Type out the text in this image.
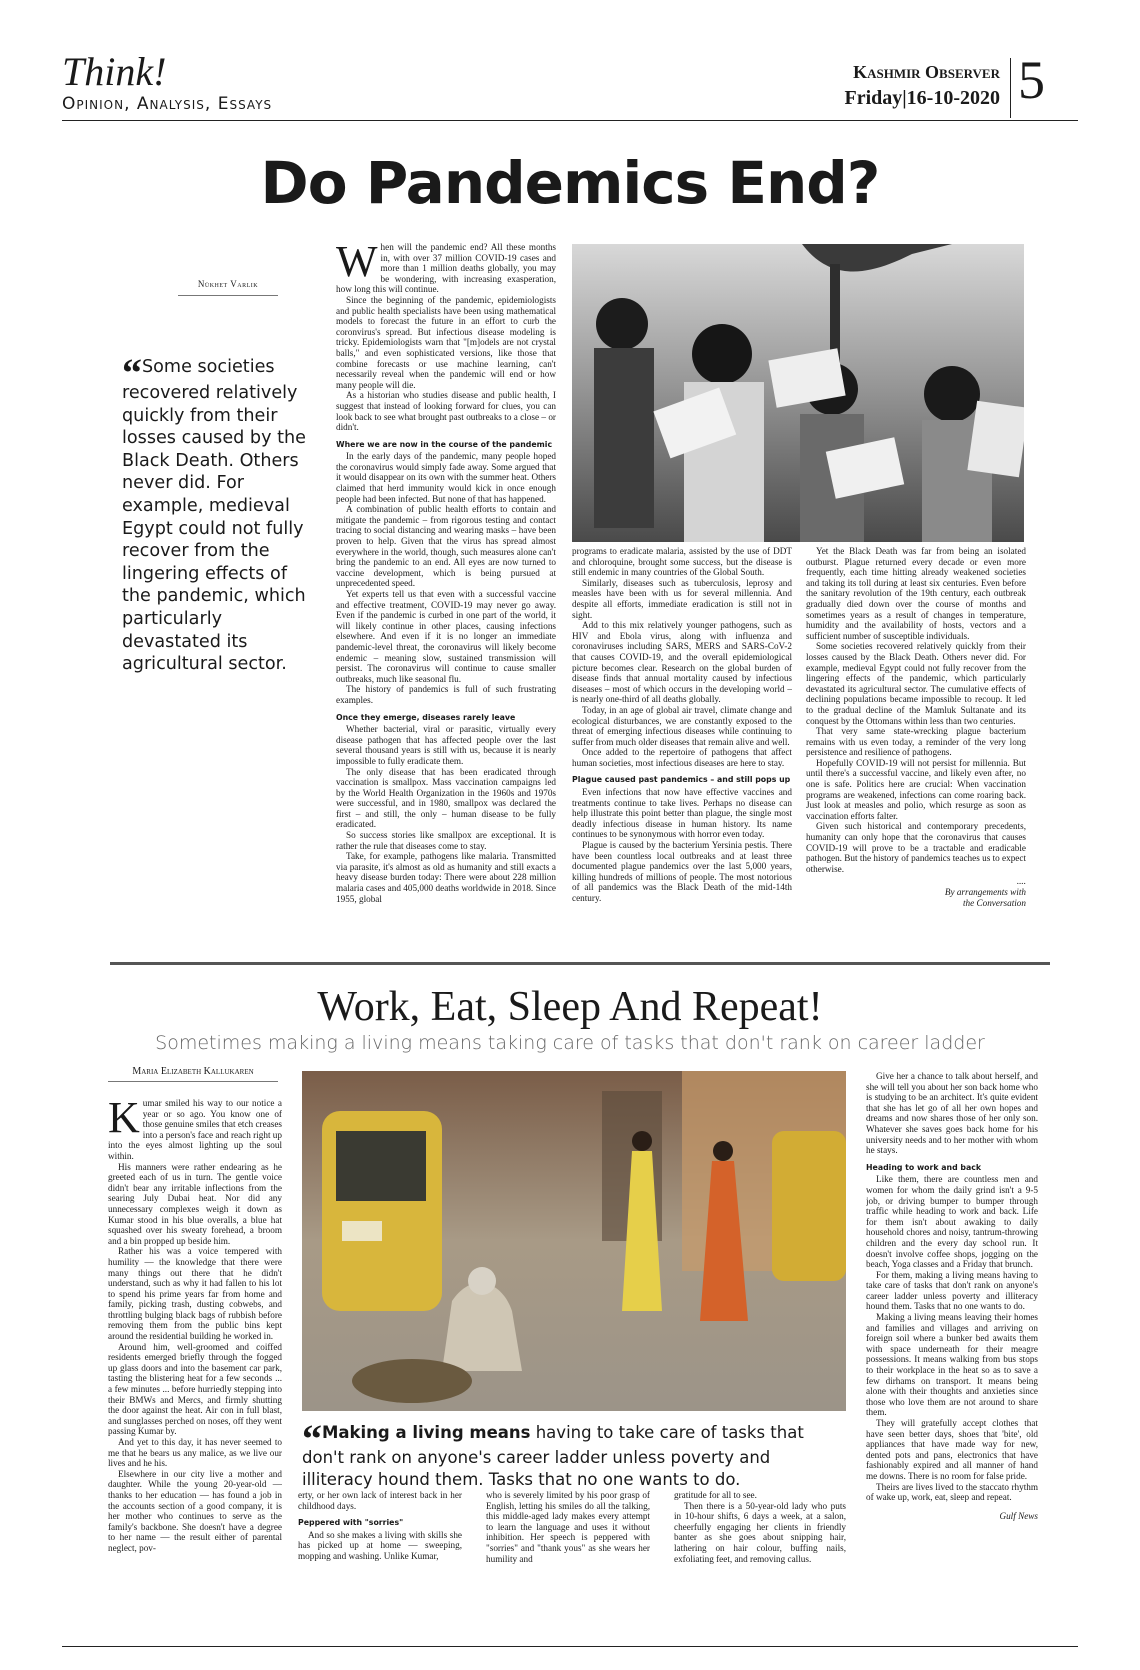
Think!
Opinion, Analysis, Essays
Kashmir Observer
Friday|16-10-2020 5
Do Pandemics End?
Nükhet Varlik
“Some societies recovered relatively quickly from their losses caused by the Black Death. Others never did. For example, medieval Egypt could not fully recover from the lingering effects of the pandemic, which particularly devastated its agricultural sector.
W hen will the pandemic end? All these months in, with over 37 million COVID-19 cases and more than 1 million deaths globally, you may be wondering, with increasing exasperation, how long this will continue.

Since the beginning of the pandemic, epidemiologists and public health specialists have been using mathematical models to forecast the future in an effort to curb the coronvirus's spread. But infectious disease modeling is tricky. Epidemiologists warn that "[m]odels are not crystal balls," and even sophisticated versions, like those that combine forecasts or use machine learning, can't necessarily reveal when the pandemic will end or how many people will die.

As a historian who studies disease and public health, I suggest that instead of looking forward for clues, you can look back to see what brought past outbreaks to a close – or didn't.

Where we are now in the course of the pandemic

In the early days of the pandemic, many people hoped the coronavirus would simply fade away. Some argued that it would disappear on its own with the summer heat. Others claimed that herd immunity would kick in once enough people had been infected. But none of that has happened.

A combination of public health efforts to contain and mitigate the pandemic – from rigorous testing and contact tracing to social distancing and wearing masks – have been proven to help. Given that the virus has spread almost everywhere in the world, though, such measures alone can't bring the pandemic to an end. All eyes are now turned to vaccine development, which is being pursued at unprecedented speed.

Yet experts tell us that even with a successful vaccine and effective treatment, COVID-19 may never go away. Even if the pandemic is curbed in one part of the world, it will likely continue in other places, causing infections elsewhere. And even if it is no longer an immediate pandemic-level threat, the coronavirus will likely become endemic – meaning slow, sustained transmission will persist. The coronavirus will continue to cause smaller outbreaks, much like seasonal flu.

The history of pandemics is full of such frustrating examples.

Once they emerge, diseases rarely leave

Whether bacterial, viral or parasitic, virtually every disease pathogen that has affected people over the last several thousand years is still with us, because it is nearly impossible to fully eradicate them.

The only disease that has been eradicated through vaccination is smallpox. Mass vaccination campaigns led by the World Health Organization in the 1960s and 1970s were successful, and in 1980, smallpox was declared the first – and still, the only – human disease to be fully eradicated.

So success stories like smallpox are exceptional. It is rather the rule that diseases come to stay.

Take, for example, pathogens like malaria. Transmitted via parasite, it's almost as old as humanity and still exacts a heavy disease burden today: There were about 228 million malaria cases and 405,000 deaths worldwide in 2018. Since 1955, global

programs to eradicate malaria, assisted by the use of DDT and chloroquine, brought some success, but the disease is still endemic in many countries of the Global South.

Similarly, diseases such as tuberculosis, leprosy and measles have been with us for several millennia. And despite all efforts, immediate eradication is still not in sight.

Add to this mix relatively younger pathogens, such as HIV and Ebola virus, along with influenza and coronaviruses including SARS, MERS and SARS-CoV-2 that causes COVID-19, and the overall epidemiological picture becomes clear. Research on the global burden of disease finds that annual mortality caused by infectious diseases – most of which occurs in the developing world – is nearly one-third of all deaths globally.

Today, in an age of global air travel, climate change and ecological disturbances, we are constantly exposed to the threat of emerging infectious diseases while continuing to suffer from much older diseases that remain alive and well.

Once added to the repertoire of pathogens that affect human societies, most infectious diseases are here to stay.

Plague caused past pandemics – and still pops up

Even infections that now have effective vaccines and treatments continue to take lives. Perhaps no disease can help illustrate this point better than plague, the single most deadly infectious disease in human history. Its name continues to be synonymous with horror even today.

Plague is caused by the bacterium Yersinia pestis. There have been countless local outbreaks and at least three documented plague pandemics over the last 5,000 years, killing hundreds of millions of people. The most notorious of all pandemics was the Black Death of the mid-14th century.

Yet the Black Death was far from being an isolated outburst. Plague returned every decade or even more frequently, each time hitting already weakened societies and taking its toll during at least six centuries. Even before the sanitary revolution of the 19th century, each outbreak gradually died down over the course of months and sometimes years as a result of changes in temperature, humidity and the availability of hosts, vectors and a sufficient number of susceptible individuals.

Some societies recovered relatively quickly from their losses caused by the Black Death. Others never did. For example, medieval Egypt could not fully recover from the lingering effects of the pandemic, which particularly devastated its agricultural sector. The cumulative effects of declining populations became impossible to recoup. It led to the gradual decline of the Mamluk Sultanate and its conquest by the Ottomans within less than two centuries.

That very same state-wrecking plague bacterium remains with us even today, a reminder of the very long persistence and resilience of pathogens.

Hopefully COVID-19 will not persist for millennia. But until there's a successful vaccine, and likely even after, no one is safe. Politics here are crucial: When vaccination programs are weakened, infections can come roaring back. Just look at measles and polio, which resurge as soon as vaccination efforts falter.

Given such historical and contemporary precedents, humanity can only hope that the coronavirus that causes COVID-19 will prove to be a tractable and eradicable pathogen. But the history of pandemics teaches us to expect otherwise.

....
By arrangements with
the Conversation
Work, Eat, Sleep And Repeat!
Sometimes making a living means taking care of tasks that don't rank on career ladder
Maria Elizabeth Kallukaren
K umar smiled his way to our notice a year or so ago. You know one of those genuine smiles that etch creases into a person's face and reach right up into the eyes almost lighting up the soul within.

His manners were rather endearing as he greeted each of us in turn. The gentle voice didn't bear any irritable inflections from the searing July Dubai heat. Nor did any unnecessary complexes weigh it down as Kumar stood in his blue overalls, a blue hat squashed over his sweaty forehead, a broom and a bin propped up beside him.

Rather his was a voice tempered with humility — the knowledge that there were many things out there that he didn't understand, such as why it had fallen to his lot to spend his prime years far from home and family, picking trash, dusting cobwebs, and throttling bulging black bags of rubbish before removing them from the public bins kept around the residential building he worked in.

Around him, well-groomed and coiffed residents emerged briefly through the fogged up glass doors and into the basement car park, tasting the blistering heat for a few seconds ... a few minutes ... before hurriedly stepping into their BMWs and Mercs, and firmly shutting the door against the heat. Air con in full blast, and sunglasses perched on noses, off they went passing Kumar by.

And yet to this day, it has never seemed to me that he bears us any malice, as we live our lives and he his.

Elsewhere in our city live a mother and daughter. While the young 20-year-old — thanks to her education — has found a job in the accounts section of a good company, it is her mother who continues to serve as the family's backbone. She doesn't have a degree to her name — the result either of parental neglect, pov-

“Making a living means having to take care of tasks that don't rank on anyone's career ladder unless poverty and illiteracy hound them. Tasks that no one wants to do.

erty, or her own lack of interest back in her childhood days.

Peppered with "sorries"

And so she makes a living with skills she has picked up at home — sweeping, mopping and washing. Unlike Kumar,

who is severely limited by his poor grasp of English, letting his smiles do all the talking, this middle-aged lady makes every attempt to learn the language and uses it without inhibition. Her speech is peppered with "sorries" and "thank yous" as she wears her humility and

gratitude for all to see.

Then there is a 50-year-old lady who puts in 10-hour shifts, 6 days a week, at a salon, cheerfully engaging her clients in friendly banter as she goes about snipping hair, lathering on hair colour, buffing nails, exfoliating feet, and removing callus.

Give her a chance to talk about herself, and she will tell you about her son back home who is studying to be an architect. It's quite evident that she has let go of all her own hopes and dreams and now shares those of her only son. Whatever she saves goes back home for his university needs and to her mother with whom he stays.

Heading to work and back

Like them, there are countless men and women for whom the daily grind isn't a 9-5 job, or driving bumper to bumper through traffic while heading to work and back. Life for them isn't about awaking to daily household chores and noisy, tantrum-throwing children and the every day school run. It doesn't involve coffee shops, jogging on the beach, Yoga classes and a Friday that brunch.

For them, making a living means having to take care of tasks that don't rank on anyone's career ladder unless poverty and illiteracy hound them. Tasks that no one wants to do.

Making a living means leaving their homes and families and villages and arriving on foreign soil where a bunker bed awaits them with space underneath for their meagre possessions. It means walking from bus stops to their workplace in the heat so as to save a few dirhams on transport. It means being alone with their thoughts and anxieties since those who love them are not around to share them.

They will gratefully accept clothes that have seen better days, shoes that 'bite', old appliances that have made way for new, dented pots and pans, electronics that have fashionably expired and all manner of hand me downs. There is no room for false pride.

Theirs are lives lived to the staccato rhythm of wake up, work, eat, sleep and repeat.

Gulf News
